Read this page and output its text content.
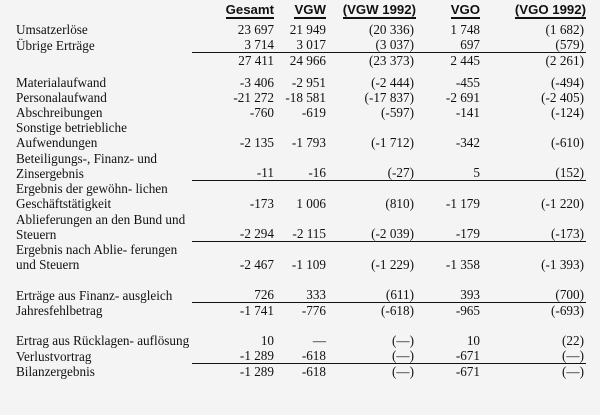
	Gesamt	VGW	(VGW 1992)	VGO	(VGO 1992)
Umsatzerlöse	23 697	21 949	(20 336)	1 748	(1 682)
Übrige Erträge	3 714	3 017	(3 037)	697	(579)
	27 411	24 966	(23 373)	2 445	(2 261)

Materialaufwand	-3 406	-2 951	(-2 444)	-455	(-494)
Personalaufwand	-21 272	-18 581	(-17 837)	-2 691	(-2 405)
Abschreibungen	-760	-619	(-597)	-141	(-124)
Sonstige betriebliche Aufwendungen	-2 135	-1 793	(-1 712)	-342	(-610)
Beteiligungs-, Finanz- und Zinsergebnis	-11	-16	(-27)	5	(152)
Ergebnis der gewöhn- lichen Geschäftstätigkeit	-173	1 006	(810)	-1 179	(-1 220)
Ablieferungen an den Bund und Steuern	-2 294	-2 115	(-2 039)	-179	(-173)
Ergebnis nach Ablie- ferungen und Steuern	-2 467	-1 109	(-1 229)	-1 358	(-1 393)
Erträge aus Finanz- ausgleich	726	333	(611)	393	(700)
Jahresfehlbetrag	-1 741	-776	(-618)	-965	(-693)
Ertrag aus Rücklagen- auflösung	10	—	(—)	10	(22)
Verlustvortrag	-1 289	-618	(—)	-671	(—)
Bilanzergebnis	-1 289	-618	(—)	-671	(—)
